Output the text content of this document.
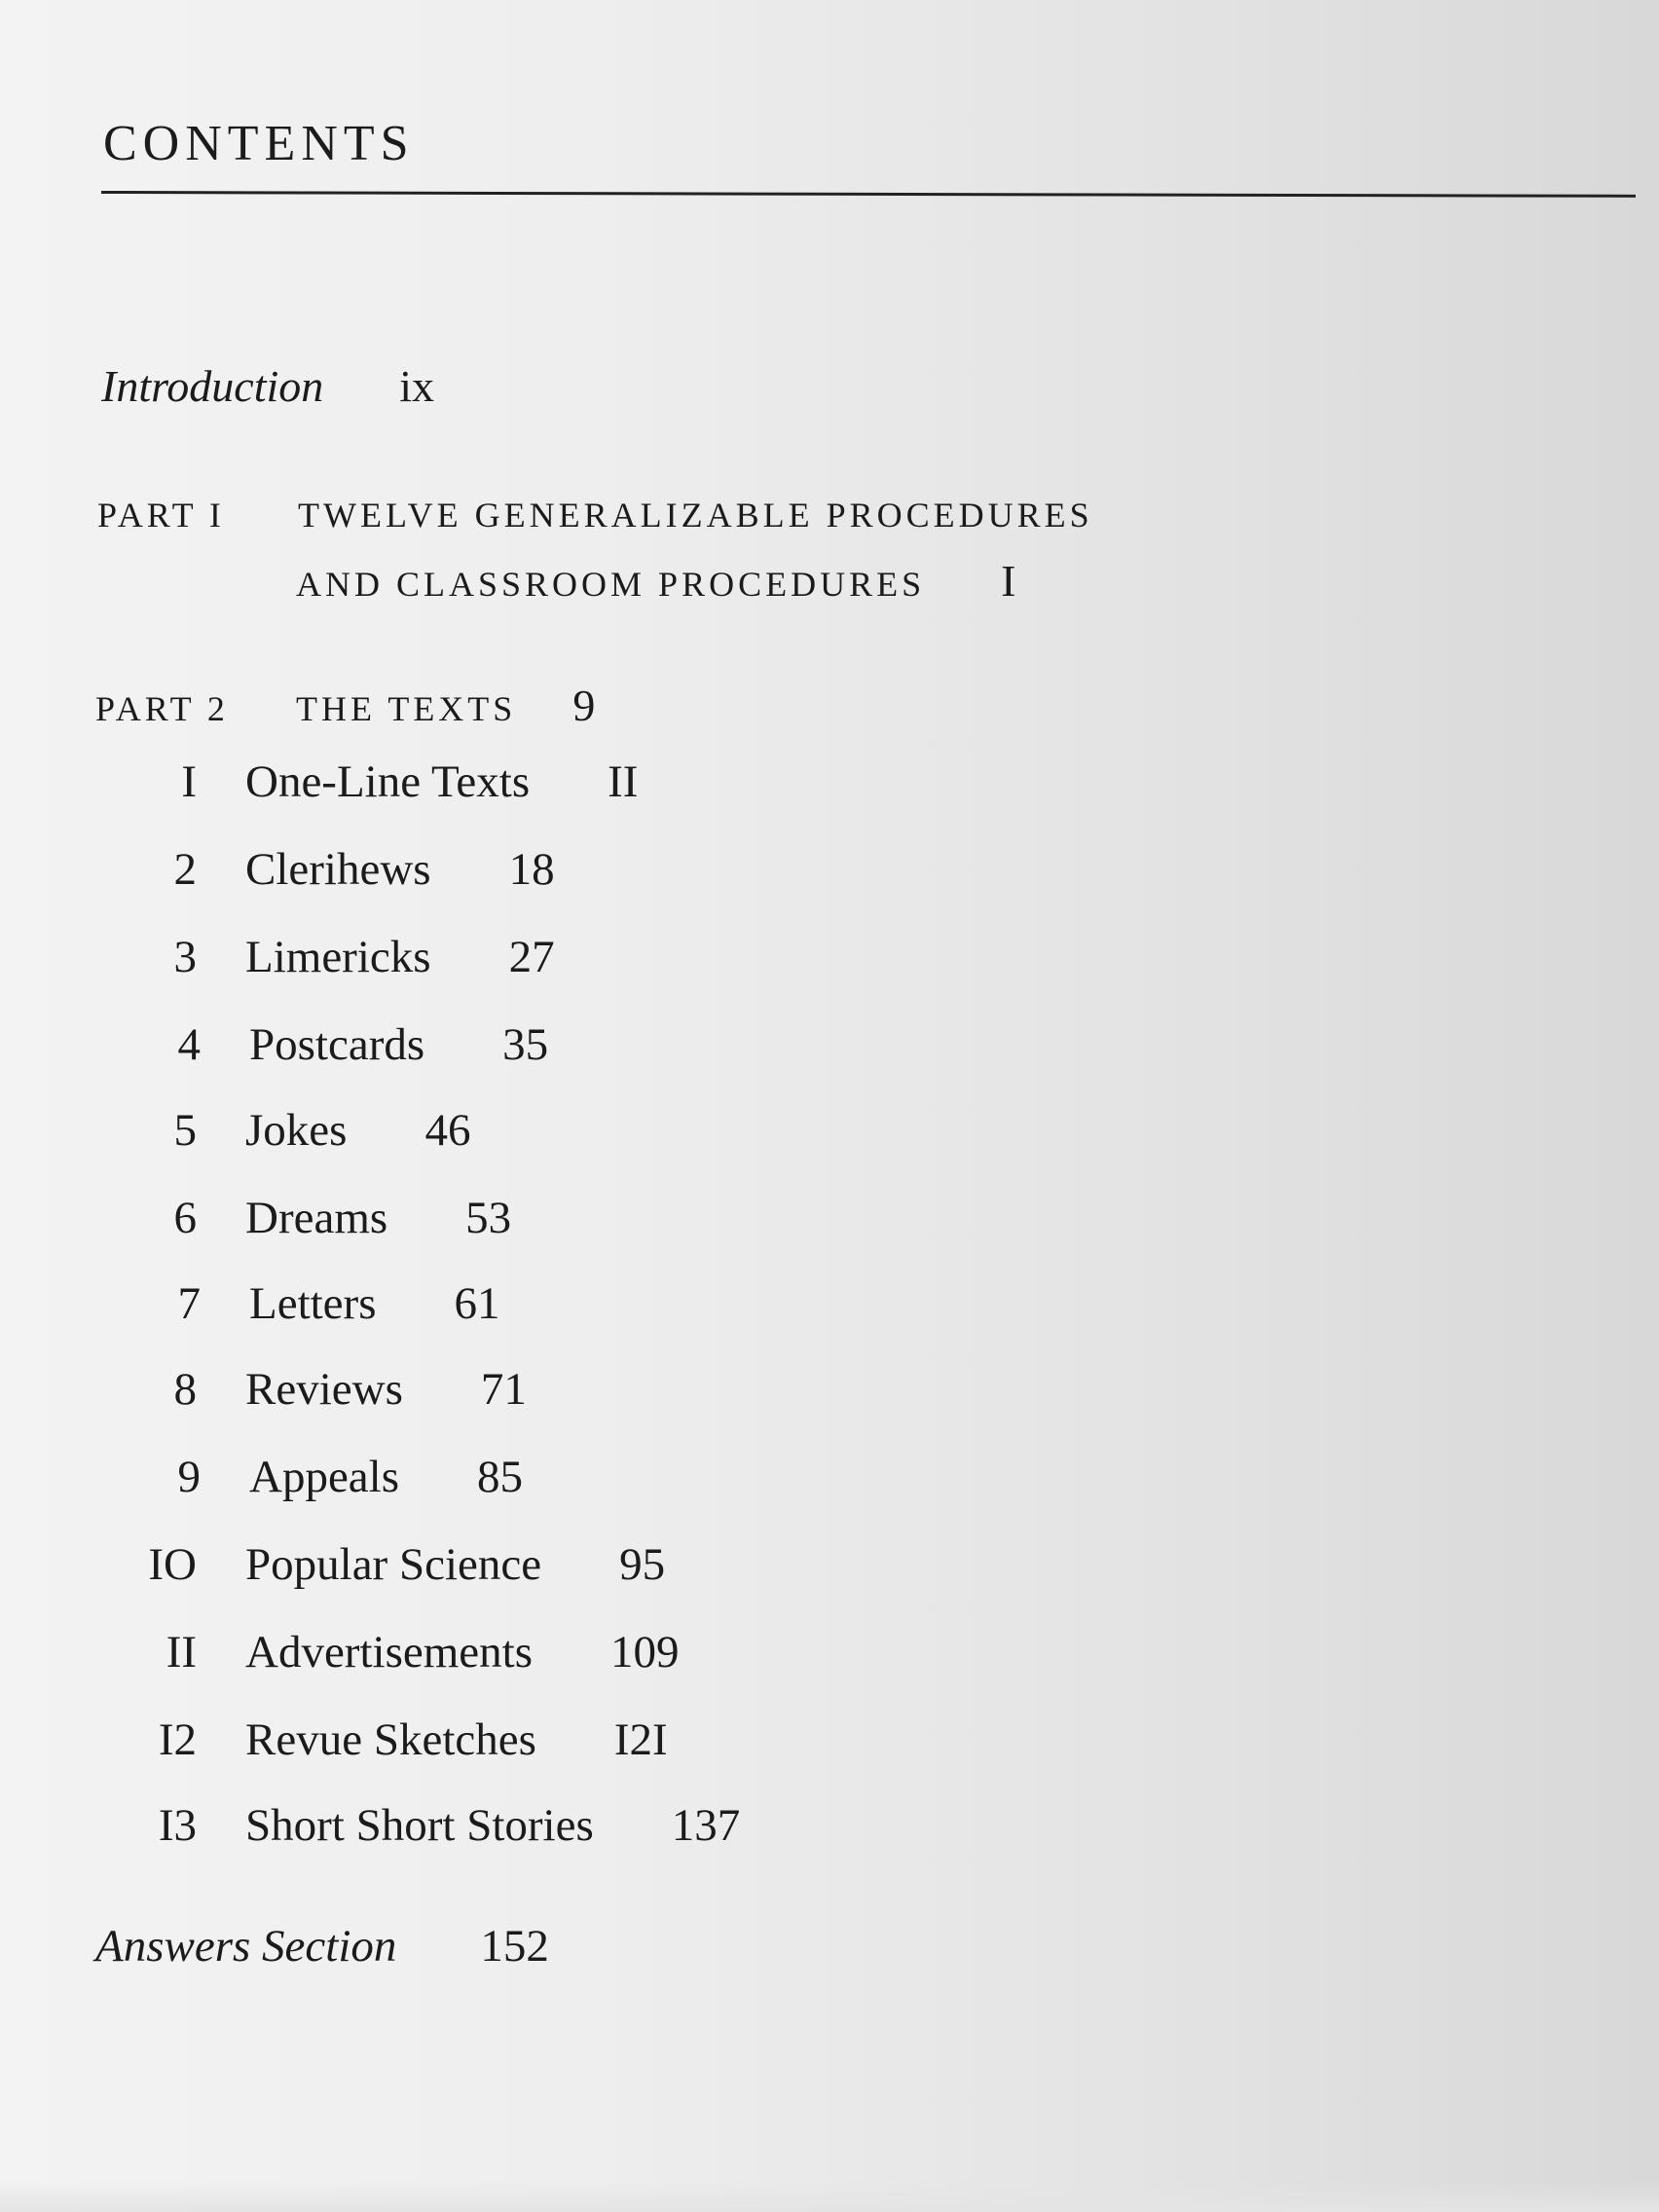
CONTENTS
Introduction ix
PART I TWELVE GENERALIZABLE PROCEDURES
AND CLASSROOM PROCEDURES I
PART 2 THE TEXTS 9
I One-Line Texts II
2 Clerihews 18
3 Limericks 27
4 Postcards 35
5 Jokes 46
6 Dreams 53
7 Letters 61
8 Reviews 71
9 Appeals 85
IO Popular Science 95
II Advertisements 109
I2 Revue Sketches I2I
I3 Short Short Stories 137
Answers Section 152
